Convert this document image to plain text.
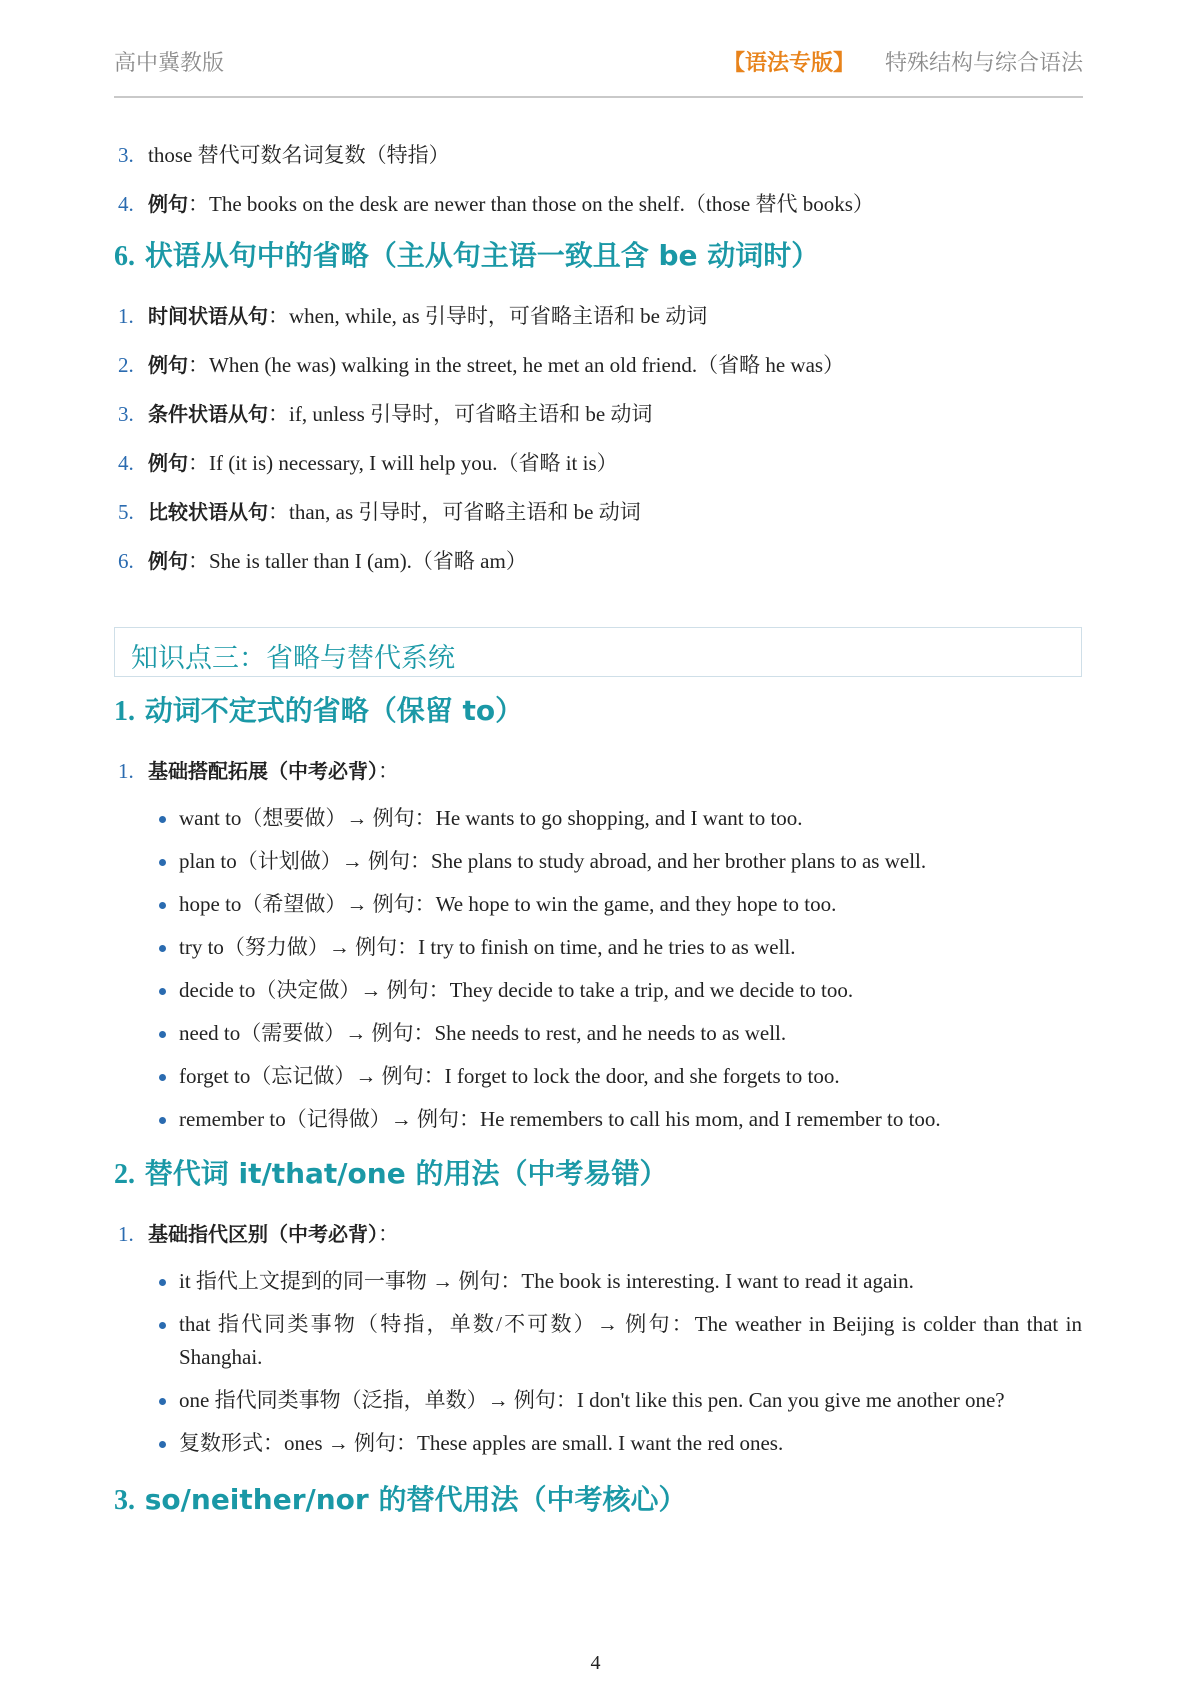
高中冀教版	【语法专版】 特殊结构与综合语法
3. those 替代可数名词复数（特指）
4. 例句：The books on the desk are newer than those on the shelf.（those 替代 books）
6. 状语从句中的省略（主从句主语一致且含 be 动词时）
1. 时间状语从句：when, while, as 引导时，可省略主语和 be 动词
2. 例句：When (he was) walking in the street, he met an old friend.（省略 he was）
3. 条件状语从句：if, unless 引导时，可省略主语和 be 动词
4. 例句：If (it is) necessary, I will help you.（省略 it is）
5. 比较状语从句：than, as 引导时，可省略主语和 be 动词
6. 例句：She is taller than I (am).（省略 am）
知识点三：省略与替代系统
1. 动词不定式的省略（保留 to）
1. 基础搭配拓展（中考必背）：
want to（想要做）→ 例句：He wants to go shopping, and I want to too.
plan to（计划做）→ 例句：She plans to study abroad, and her brother plans to as well.
hope to（希望做）→ 例句：We hope to win the game, and they hope to too.
try to（努力做）→ 例句：I try to finish on time, and he tries to as well.
decide to（决定做）→ 例句：They decide to take a trip, and we decide to too.
need to（需要做）→ 例句：She needs to rest, and he needs to as well.
forget to（忘记做）→ 例句：I forget to lock the door, and she forgets to too.
remember to（记得做）→ 例句：He remembers to call his mom, and I remember to too.
2. 替代词 it/that/one 的用法（中考易错）
1. 基础指代区别（中考必背）：
it 指代上文提到的同一事物 → 例句：The book is interesting. I want to read it again.
that 指代同类事物（特指，单数/不可数）→ 例句：The weather in Beijing is colder than that in Shanghai.
one 指代同类事物（泛指，单数）→ 例句：I don't like this pen. Can you give me another one?
复数形式：ones → 例句：These apples are small. I want the red ones.
3. so/neither/nor 的替代用法（中考核心）
4
